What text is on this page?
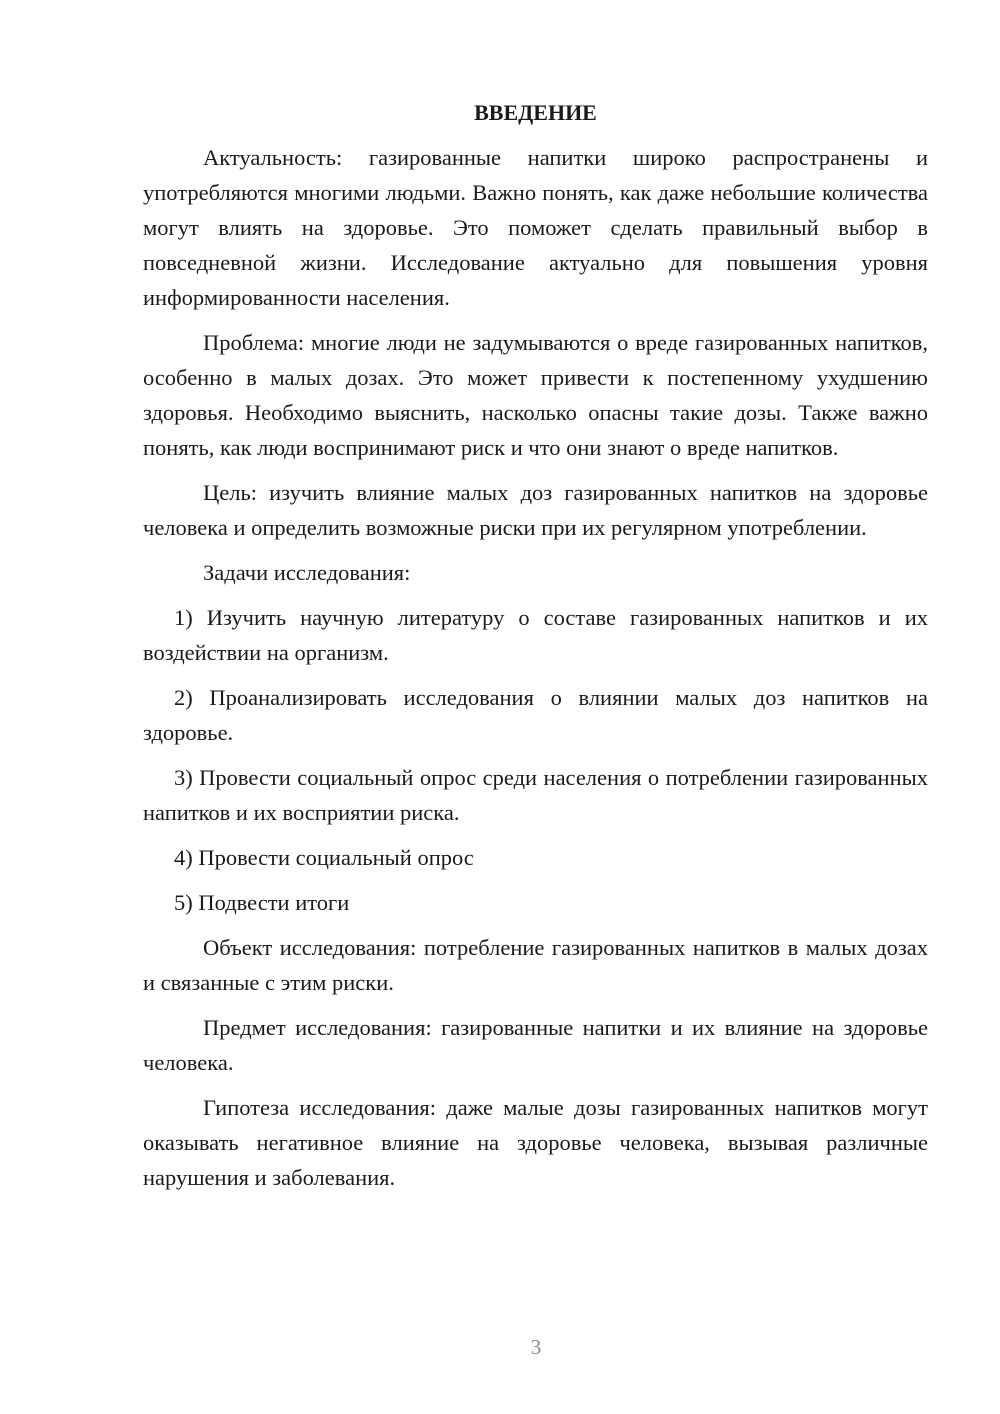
ВВЕДЕНИЕ

Актуальность: газированные напитки широко распространены и употребляются многими людьми. Важно понять, как даже небольшие количества могут влиять на здоровье. Это поможет сделать правильный выбор в повседневной жизни. Исследование актуально для повышения уровня информированности населения.

Проблема: многие люди не задумываются о вреде газированных напитков, особенно в малых дозах. Это может привести к постепенному ухудшению здоровья. Необходимо выяснить, насколько опасны такие дозы. Также важно понять, как люди воспринимают риск и что они знают о вреде напитков.

Цель: изучить влияние малых доз газированных напитков на здоровье человека и определить возможные риски при их регулярном употреблении.

Задачи исследования:

1) Изучить научную литературу о составе газированных напитков и их воздействии на организм.

2) Проанализировать исследования о влиянии малых доз напитков на здоровье.

3) Провести социальный опрос среди населения о потреблении газированных напитков и их восприятии риска.

4) Провести социальный опрос

5) Подвести итоги

Объект исследования: потребление газированных напитков в малых дозах и связанные с этим риски.

Предмет исследования: газированные напитки и их влияние на здоровье человека.

Гипотеза исследования: даже малые дозы газированных напитков могут оказывать негативное влияние на здоровье человека, вызывая различные нарушения и заболевания.

3
